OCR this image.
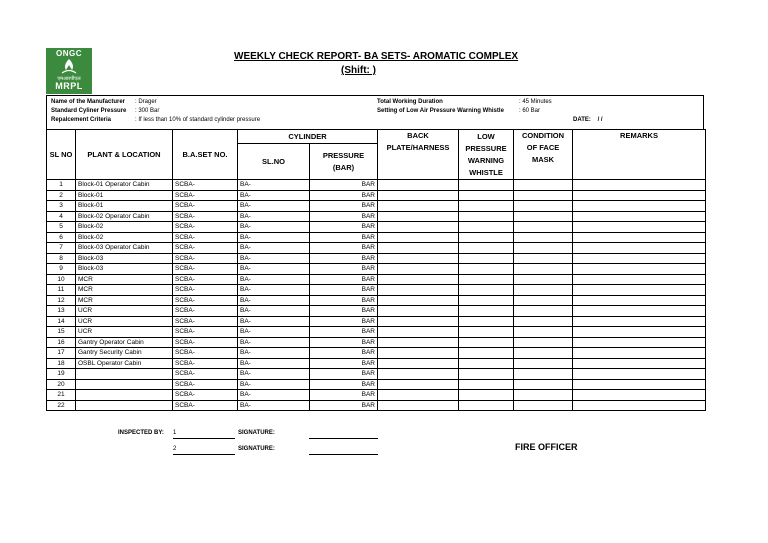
ONGC
एमआरपीएल
MRPL
WEEKLY CHECK REPORT- BA SETS- AROMATIC COMPLEX
(Shift: )
Name of the Manufacturer : Drager
Standard Cyliner Pressure : 300 Bar
Repalcement Criteria	: If less than 10% of standard cylinder pressure
Total Working Duration	: 45 Minutes
Setting of Low Air Pressure Warning Whistle	: 60 Bar
DATE: / /
SL NO	PLANT & LOCATION	B.A.SET NO.	CYLINDER		BACK PLATE/HARNESS	LOW PRESSURE WARNING WHISTLE	CONDITION OF FACE MASK	REMARKS
			SL.NO	PRESSURE (BAR)				
1	Block-01 Operator Cabin	SCBA-	BA-	BAR				
2	Block-01	SCBA-	BA-	BAR				
3	Block-01	SCBA-	BA-	BAR				
4	Block-02 Operator Cabin	SCBA-	BA-	BAR				
5	Block-02	SCBA-	BA-	BAR				
6	Block-02	SCBA-	BA-	BAR				
7	Block-03 Operator Cabin	SCBA-	BA-	BAR				
8	Block-03	SCBA-	BA-	BAR				
9	Block-03	SCBA-	BA-	BAR				
10	MCR	SCBA-	BA-	BAR				
11	MCR	SCBA-	BA-	BAR				
12	MCR	SCBA-	BA-	BAR				
13	UCR	SCBA-	BA-	BAR				
14	UCR	SCBA-	BA-	BAR				
15	UCR	SCBA-	BA-	BAR				
16	Gantry Operator Cabin	SCBA-	BA-	BAR				
17	Gantry Security Cabin	SCBA-	BA-	BAR				
18	OSBL Operator Cabin	SCBA-	BA-	BAR				
19		SCBA-	BA-	BAR				
20		SCBA-	BA-	BAR				
21		SCBA-	BA-	BAR				
22		SCBA-	BA-	BAR				
INSPECTED BY: 1	SIGNATURE:
2	SIGNATURE:	FIRE OFFICER
